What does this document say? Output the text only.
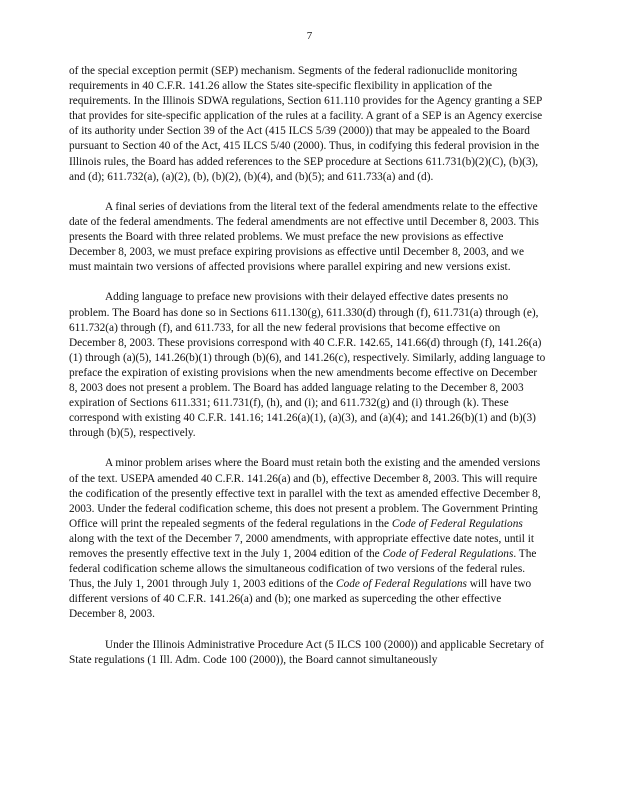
7

of the special exception permit (SEP) mechanism. Segments of the federal radionuclide monitoring requirements in 40 C.F.R. 141.26 allow the States site-specific flexibility in application of the requirements. In the Illinois SDWA regulations, Section 611.110 provides for the Agency granting a SEP that provides for site-specific application of the rules at a facility. A grant of a SEP is an Agency exercise of its authority under Section 39 of the Act (415 ILCS 5/39 (2000)) that may be appealed to the Board pursuant to Section 40 of the Act, 415 ILCS 5/40 (2000). Thus, in codifying this federal provision in the Illinois rules, the Board has added references to the SEP procedure at Sections 611.731(b)(2)(C), (b)(3), and (d); 611.732(a), (a)(2), (b), (b)(2), (b)(4), and (b)(5); and 611.733(a) and (d).

A final series of deviations from the literal text of the federal amendments relate to the effective date of the federal amendments. The federal amendments are not effective until December 8, 2003. This presents the Board with three related problems. We must preface the new provisions as effective December 8, 2003, we must preface expiring provisions as effective until December 8, 2003, and we must maintain two versions of affected provisions where parallel expiring and new versions exist.

Adding language to preface new provisions with their delayed effective dates presents no problem. The Board has done so in Sections 611.130(g), 611.330(d) through (f), 611.731(a) through (e), 611.732(a) through (f), and 611.733, for all the new federal provisions that become effective on December 8, 2003. These provisions correspond with 40 C.F.R. 142.65, 141.66(d) through (f), 141.26(a)(1) through (a)(5), 141.26(b)(1) through (b)(6), and 141.26(c), respectively. Similarly, adding language to preface the expiration of existing provisions when the new amendments become effective on December 8, 2003 does not present a problem. The Board has added language relating to the December 8, 2003 expiration of Sections 611.331; 611.731(f), (h), and (i); and 611.732(g) and (i) through (k). These correspond with existing 40 C.F.R. 141.16; 141.26(a)(1), (a)(3), and (a)(4); and 141.26(b)(1) and (b)(3) through (b)(5), respectively.

A minor problem arises where the Board must retain both the existing and the amended versions of the text. USEPA amended 40 C.F.R. 141.26(a) and (b), effective December 8, 2003. This will require the codification of the presently effective text in parallel with the text as amended effective December 8, 2003. Under the federal codification scheme, this does not present a problem. The Government Printing Office will print the repealed segments of the federal regulations in the Code of Federal Regulations along with the text of the December 7, 2000 amendments, with appropriate effective date notes, until it removes the presently effective text in the July 1, 2004 edition of the Code of Federal Regulations. The federal codification scheme allows the simultaneous codification of two versions of the federal rules. Thus, the July 1, 2001 through July 1, 2003 editions of the Code of Federal Regulations will have two different versions of 40 C.F.R. 141.26(a) and (b); one marked as superceding the other effective December 8, 2003.

Under the Illinois Administrative Procedure Act (5 ILCS 100 (2000)) and applicable Secretary of State regulations (1 Ill. Adm. Code 100 (2000)), the Board cannot simultaneously
